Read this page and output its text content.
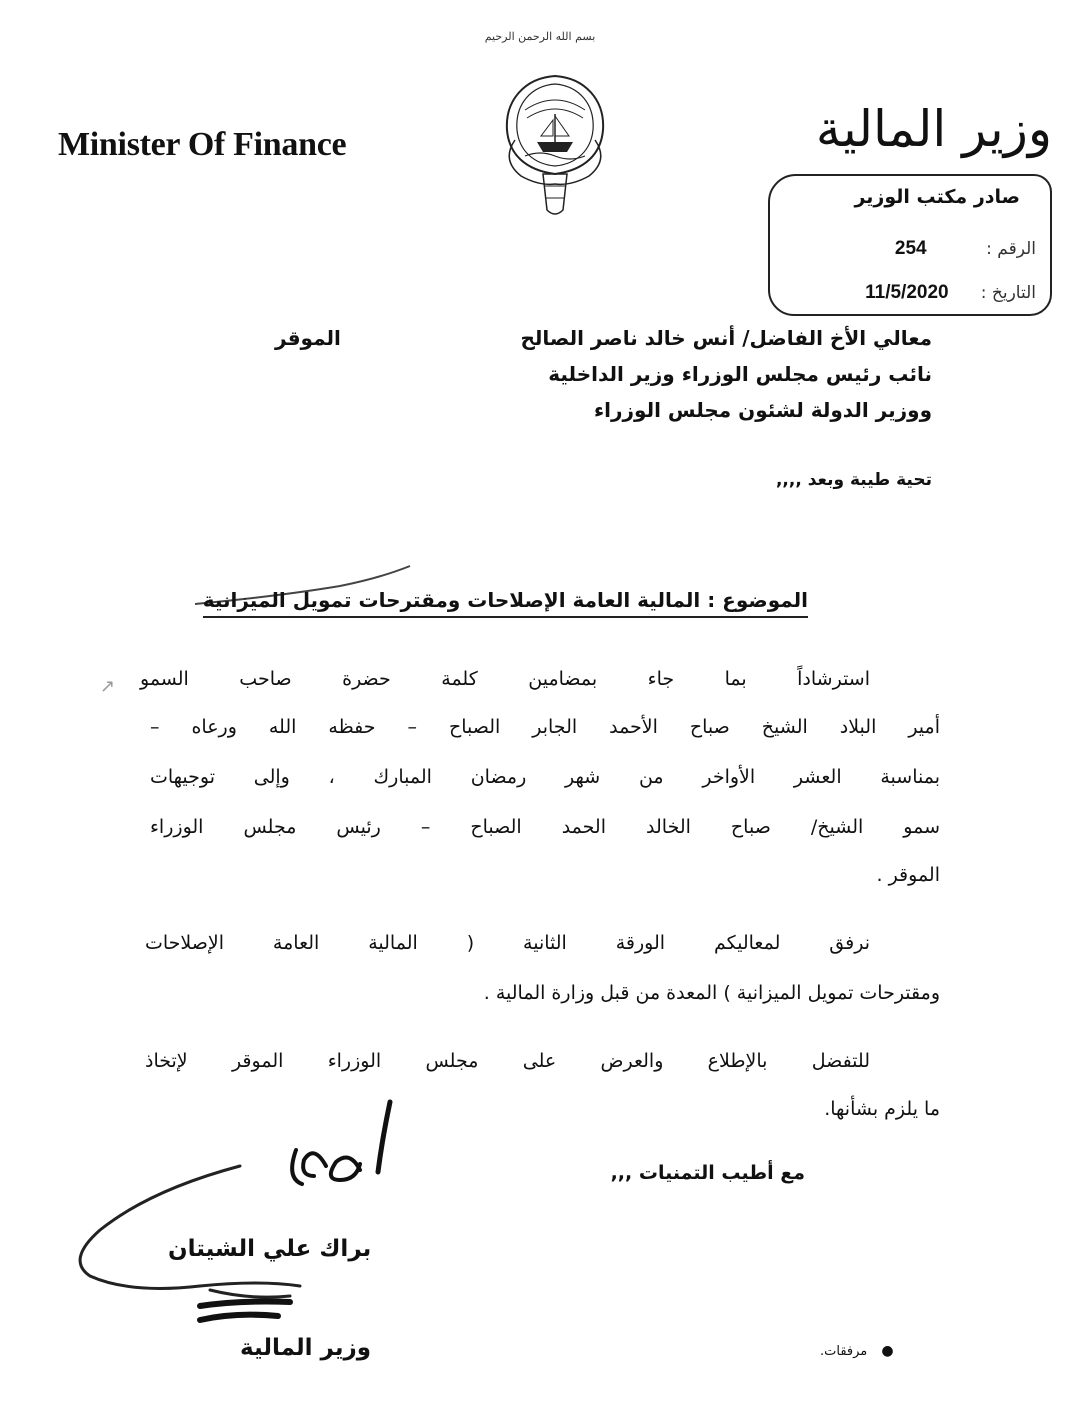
بسم الله الرحمن الرحيم
Minister Of Finance	وزير المالية
صادر مكتب الوزير
الرقم : 254
التاريخ : 11/5/2020
معالي الأخ الفاضل/ أنس خالد ناصر الصالح
الموقر
نائب رئيس مجلس الوزراء وزير الداخلية
ووزير الدولة لشئون مجلس الوزراء
تحية طيبة وبعد ,,,,
الموضوع : المالية العامة الإصلاحات ومقترحات تمويل الميزانية
استرشاداً بما جاء بمضامين كلمة حضرة صاحب السمو
أمير البلاد الشيخ صباح الأحمد الجابر الصباح – حفظه الله ورعاه –
بمناسبة العشر الأواخر من شهر رمضان المبارك ، وإلى توجيهات
سمو الشيخ/ صباح الخالد الحمد الصباح – رئيس مجلس الوزراء
الموقر .
نرفق لمعاليكم الورقة الثانية ( المالية العامة الإصلاحات
ومقترحات تمويل الميزانية ) المعدة من قبل وزارة المالية .
للتفضل بالإطلاع والعرض على مجلس الوزراء الموقر لإتخاذ
ما يلزم بشأنها.
مع أطيب التمنيات ,,,
براك علي الشيتان
وزير المالية	● مرفقات.
↗
